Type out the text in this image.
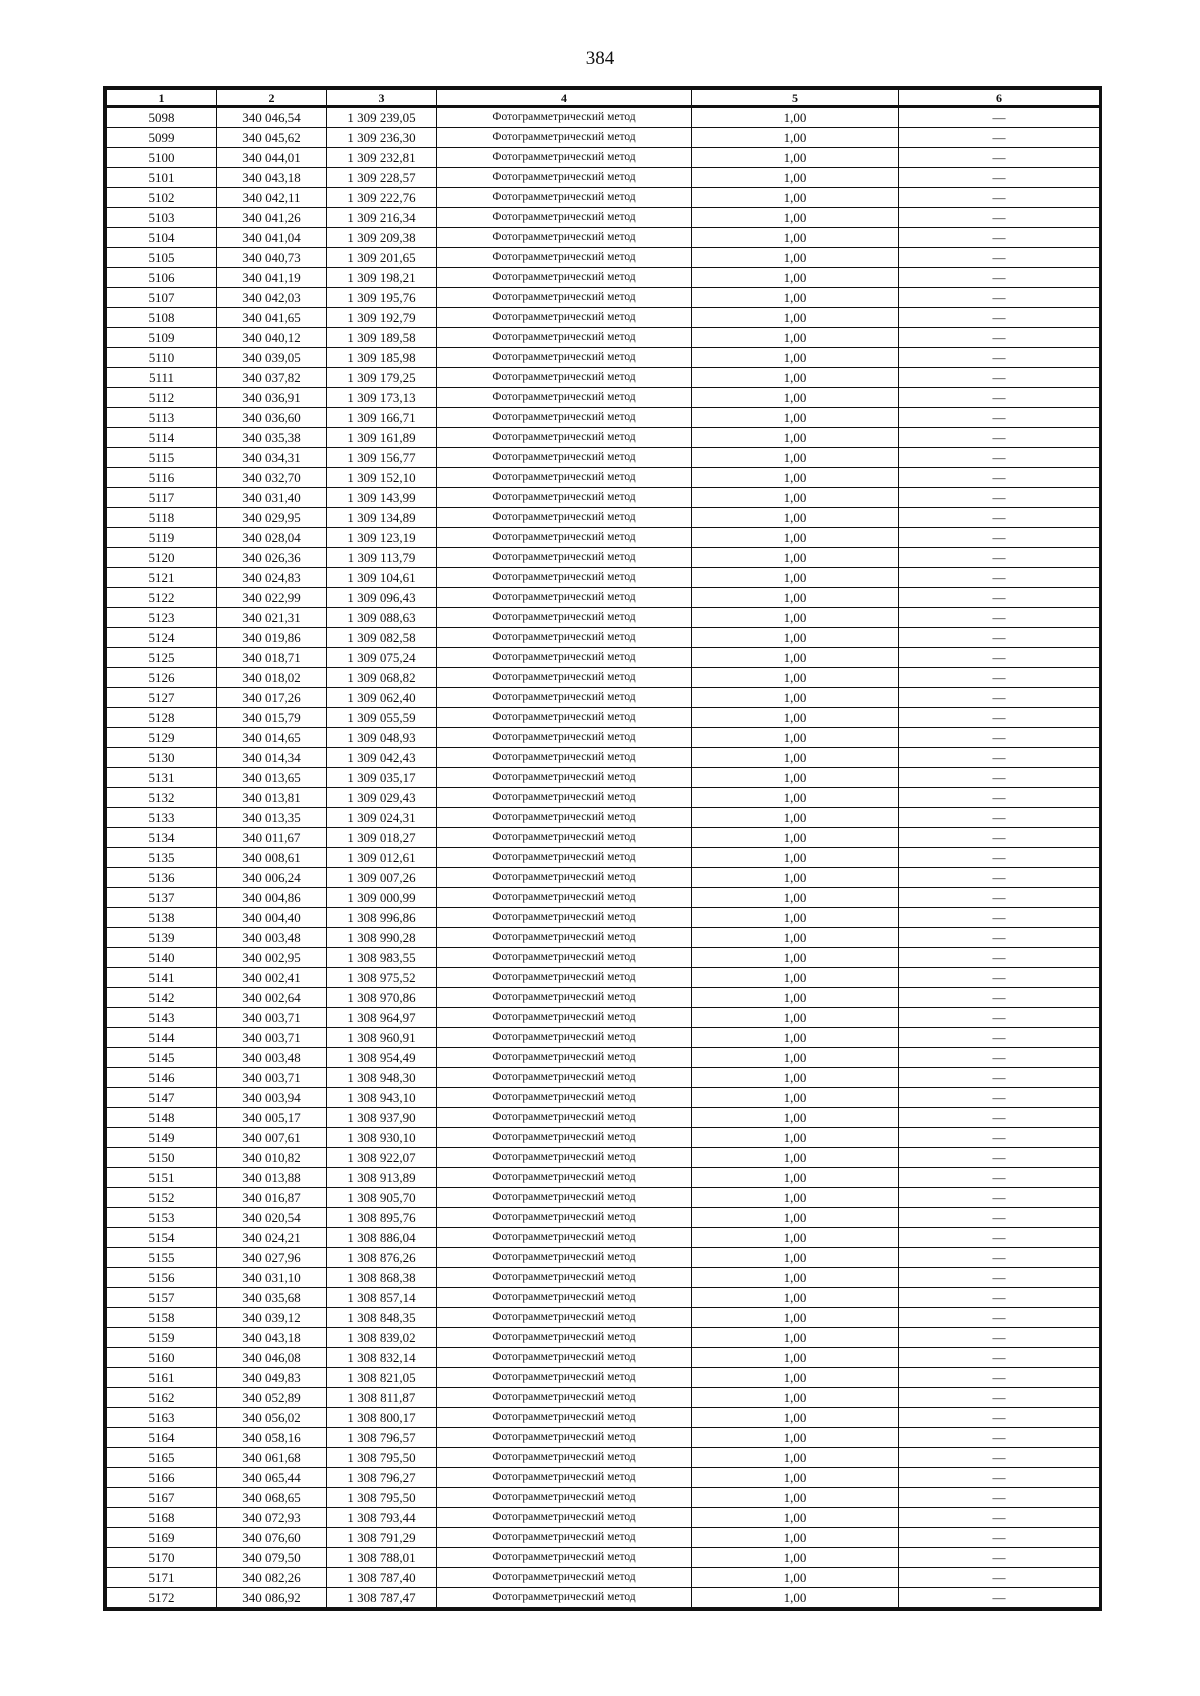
384
1	2	3	4	5	6
5098	340 046,54	1 309 239,05	Фотограмметрический метод	1,00	—
5099	340 045,62	1 309 236,30	Фотограмметрический метод	1,00	—
5100	340 044,01	1 309 232,81	Фотограмметрический метод	1,00	—
5101	340 043,18	1 309 228,57	Фотограмметрический метод	1,00	—
5102	340 042,11	1 309 222,76	Фотограмметрический метод	1,00	—
5103	340 041,26	1 309 216,34	Фотограмметрический метод	1,00	—
5104	340 041,04	1 309 209,38	Фотограмметрический метод	1,00	—
5105	340 040,73	1 309 201,65	Фотограмметрический метод	1,00	—
5106	340 041,19	1 309 198,21	Фотограмметрический метод	1,00	—
5107	340 042,03	1 309 195,76	Фотограмметрический метод	1,00	—
5108	340 041,65	1 309 192,79	Фотограмметрический метод	1,00	—
5109	340 040,12	1 309 189,58	Фотограмметрический метод	1,00	—
5110	340 039,05	1 309 185,98	Фотограмметрический метод	1,00	—
5111	340 037,82	1 309 179,25	Фотограмметрический метод	1,00	—
5112	340 036,91	1 309 173,13	Фотограмметрический метод	1,00	—
5113	340 036,60	1 309 166,71	Фотограмметрический метод	1,00	—
5114	340 035,38	1 309 161,89	Фотограмметрический метод	1,00	—
5115	340 034,31	1 309 156,77	Фотограмметрический метод	1,00	—
5116	340 032,70	1 309 152,10	Фотограмметрический метод	1,00	—
5117	340 031,40	1 309 143,99	Фотограмметрический метод	1,00	—
5118	340 029,95	1 309 134,89	Фотограмметрический метод	1,00	—
5119	340 028,04	1 309 123,19	Фотограмметрический метод	1,00	—
5120	340 026,36	1 309 113,79	Фотограмметрический метод	1,00	—
5121	340 024,83	1 309 104,61	Фотограмметрический метод	1,00	—
5122	340 022,99	1 309 096,43	Фотограмметрический метод	1,00	—
5123	340 021,31	1 309 088,63	Фотограмметрический метод	1,00	—
5124	340 019,86	1 309 082,58	Фотограмметрический метод	1,00	—
5125	340 018,71	1 309 075,24	Фотограмметрический метод	1,00	—
5126	340 018,02	1 309 068,82	Фотограмметрический метод	1,00	—
5127	340 017,26	1 309 062,40	Фотограмметрический метод	1,00	—
5128	340 015,79	1 309 055,59	Фотограмметрический метод	1,00	—
5129	340 014,65	1 309 048,93	Фотограмметрический метод	1,00	—
5130	340 014,34	1 309 042,43	Фотограмметрический метод	1,00	—
5131	340 013,65	1 309 035,17	Фотограмметрический метод	1,00	—
5132	340 013,81	1 309 029,43	Фотограмметрический метод	1,00	—
5133	340 013,35	1 309 024,31	Фотограмметрический метод	1,00	—
5134	340 011,67	1 309 018,27	Фотограмметрический метод	1,00	—
5135	340 008,61	1 309 012,61	Фотограмметрический метод	1,00	—
5136	340 006,24	1 309 007,26	Фотограмметрический метод	1,00	—
5137	340 004,86	1 309 000,99	Фотограмметрический метод	1,00	—
5138	340 004,40	1 308 996,86	Фотограмметрический метод	1,00	—
5139	340 003,48	1 308 990,28	Фотограмметрический метод	1,00	—
5140	340 002,95	1 308 983,55	Фотограмметрический метод	1,00	—
5141	340 002,41	1 308 975,52	Фотограмметрический метод	1,00	—
5142	340 002,64	1 308 970,86	Фотограмметрический метод	1,00	—
5143	340 003,71	1 308 964,97	Фотограмметрический метод	1,00	—
5144	340 003,71	1 308 960,91	Фотограмметрический метод	1,00	—
5145	340 003,48	1 308 954,49	Фотограмметрический метод	1,00	—
5146	340 003,71	1 308 948,30	Фотограмметрический метод	1,00	—
5147	340 003,94	1 308 943,10	Фотограмметрический метод	1,00	—
5148	340 005,17	1 308 937,90	Фотограмметрический метод	1,00	—
5149	340 007,61	1 308 930,10	Фотограмметрический метод	1,00	—
5150	340 010,82	1 308 922,07	Фотограмметрический метод	1,00	—
5151	340 013,88	1 308 913,89	Фотограмметрический метод	1,00	—
5152	340 016,87	1 308 905,70	Фотограмметрический метод	1,00	—
5153	340 020,54	1 308 895,76	Фотограмметрический метод	1,00	—
5154	340 024,21	1 308 886,04	Фотограмметрический метод	1,00	—
5155	340 027,96	1 308 876,26	Фотограмметрический метод	1,00	—
5156	340 031,10	1 308 868,38	Фотограмметрический метод	1,00	—
5157	340 035,68	1 308 857,14	Фотограмметрический метод	1,00	—
5158	340 039,12	1 308 848,35	Фотограмметрический метод	1,00	—
5159	340 043,18	1 308 839,02	Фотограмметрический метод	1,00	—
5160	340 046,08	1 308 832,14	Фотограмметрический метод	1,00	—
5161	340 049,83	1 308 821,05	Фотограмметрический метод	1,00	—
5162	340 052,89	1 308 811,87	Фотограмметрический метод	1,00	—
5163	340 056,02	1 308 800,17	Фотограмметрический метод	1,00	—
5164	340 058,16	1 308 796,57	Фотограмметрический метод	1,00	—
5165	340 061,68	1 308 795,50	Фотограмметрический метод	1,00	—
5166	340 065,44	1 308 796,27	Фотограмметрический метод	1,00	—
5167	340 068,65	1 308 795,50	Фотограмметрический метод	1,00	—
5168	340 072,93	1 308 793,44	Фотограмметрический метод	1,00	—
5169	340 076,60	1 308 791,29	Фотограмметрический метод	1,00	—
5170	340 079,50	1 308 788,01	Фотограмметрический метод	1,00	—
5171	340 082,26	1 308 787,40	Фотограмметрический метод	1,00	—
5172	340 086,92	1 308 787,47	Фотограмметрический метод	1,00	—
